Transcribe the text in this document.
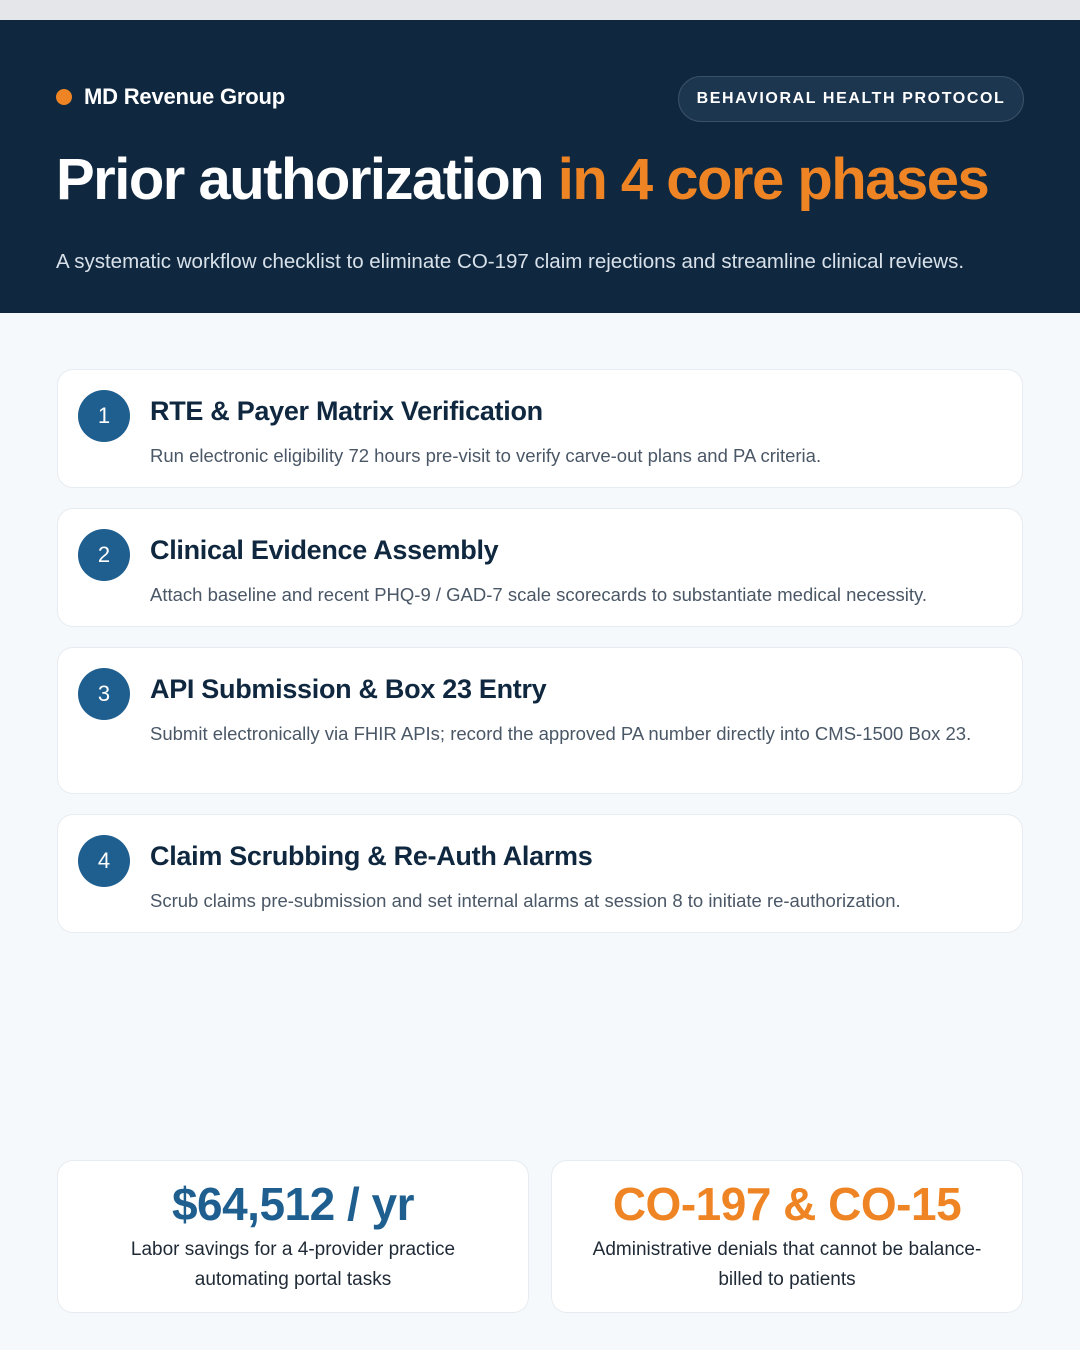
MD Revenue Group	BEHAVIORAL HEALTH PROTOCOL
Prior authorization in 4 core phases

A systematic workflow checklist to eliminate CO-197 claim rejections and streamline clinical reviews.

1	RTE & Payer Matrix Verification
Run electronic eligibility 72 hours pre-visit to verify carve-out plans and PA criteria.
2	Clinical Evidence Assembly
Attach baseline and recent PHQ-9 / GAD-7 scale scorecards to substantiate medical necessity.
3	API Submission & Box 23 Entry
Submit electronically via FHIR APIs; record the approved PA number directly into CMS-1500 Box 23.
4	Claim Scrubbing & Re-Auth Alarms
Scrub claims pre-submission and set internal alarms at session 8 to initiate re-authorization.
$64,512 / yr
Labor savings for a 4-provider practice automating portal tasks
CO-197 & CO-15
Administrative denials that cannot be balance-billed to patients
